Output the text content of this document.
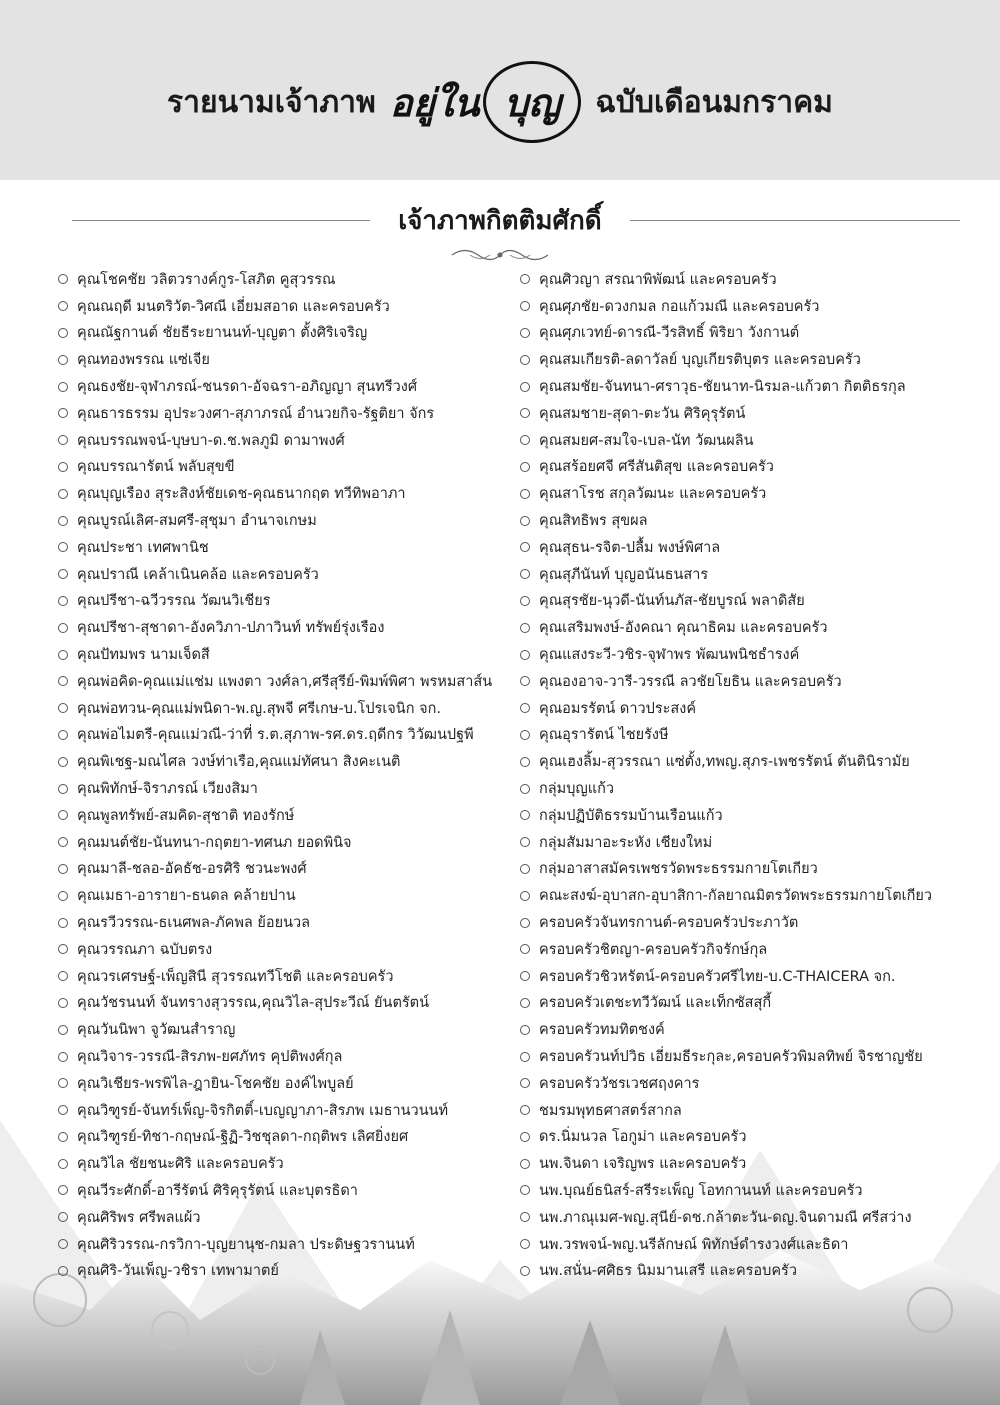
รายนามเจ้าภาพ อยู่ใน บุญ ฉบับเดือนมกราคม
เจ้าภาพกิตติมศักดิ์
คุณโชคชัย วลิตวรางค์กูร-โสภิต คูสุวรรณ
คุณณฤดี มนตริวัต-วิศณี เอี่ยมสอาด และครอบครัว
คุณณัฐกานต์ ชัยธีระยานนท์-บุญตา ตั้งศิริเจริญ
คุณทองพรรณ แซ่เจีย
คุณธงชัย-จุฬาภรณ์-ชนรดา-อัจฉรา-อภิญญา สุนทรีวงศ์
คุณธารธรรม อุประวงศา-สุภาภรณ์ อำนวยกิจ-รัฐติยา จักร
คุณบรรณพจน์-บุษบา-ด.ช.พลภูมิ ดามาพงศ์
คุณบรรณารัตน์ พลับสุขขี
คุณบุญเรือง สุระสิงห์ชัยเดช-คุณธนากฤต ทวีทิพอาภา
คุณบูรณ์เลิศ-สมศรี-สุชุมา อำนาจเกษม
คุณประชา เทศพานิช
คุณปราณี เคล้าเนินคล้อ และครอบครัว
คุณปรีชา-ฉวีวรรณ วัฒนวิเชียร
คุณปรีชา-สุชาดา-อังควิภา-ปภาวินท์ ทรัพย์รุ่งเรือง
คุณปัทมพร นามเจ็ดสี
คุณพ่อคิด-คุณแม่แช่ม แพงตา วงศ์ลา,ศรีสุรีย์-พิมพ์พิศา พรหมสาส์น
คุณพ่อทวน-คุณแม่พนิดา-พ.ญ.สุพจี ศรีเกษ-บ.โปรเจนิก จก.
คุณพ่อไมตรี-คุณแม่วณี-ว่าที่ ร.ต.สุภาพ-รศ.ดร.ฤดีกร วิวัฒนปฐพี
คุณพิเชฐ-มณไศล วงษ์ท่าเรือ,คุณแม่ทัศนา สิงคะเนติ
คุณพิทักษ์-จิราภรณ์ เวียงสิมา
คุณพูลทรัพย์-สมคิด-สุชาติ ทองรักษ์
คุณมนต์ชัย-นันทนา-กฤตยา-ทศนภ ยอดพินิจ
คุณมาลี-ชลอ-อัคธัช-อรศิริ ชวนะพงศ์
คุณเมธา-อารายา-ธนดล คล้ายปาน
คุณรวีวรรณ-ธเนศพล-ภัคพล ย้อยนวล
คุณวรรณภา ฉบับตรง
คุณวรเศรษฐ์-เพ็ญสินี สุวรรณทวีโชติ และครอบครัว
คุณวัชรนนท์ จันทรางสุวรรณ,คุณวิไล-สุประวีณ์ ยันตรัตน์
คุณวันนิพา จูวัฒนสำราญ
คุณวิจาร-วรรณี-สิรภพ-ยศภัทร คุปติพงศ์กุล
คุณวิเชียร-พรพิไล-ฎายิน-โชคชัย องค์ไพบูลย์
คุณวิฑูรย์-จันทร์เพ็ญ-จิรกิตติ์-เบญญาภา-สิรภพ เมธานวนนท์
คุณวิฑูรย์-ทิชา-กฤษณ์-ฐิฏิ-วิชชุลดา-กฤติพร เลิศยิ่งยศ
คุณวิไล ชัยชนะศิริ และครอบครัว
คุณวีระศักดิ์-อารีรัตน์ ศิริคุรุรัตน์ และบุตรธิดา
คุณศิริพร ศรีพลแผ้ว
คุณศิริวรรณ-กรวิกา-บุญยานุช-กมลา ประดิษฐวรานนท์
คุณศิริ-วันเพ็ญ-วชิรา เทพามาตย์
คุณศิวญา สรณาพิพัฒน์ และครอบครัว
คุณศุภชัย-ดวงกมล กอแก้วมณี และครอบครัว
คุณศุภเวทย์-ดารณี-วีรสิทธิ์ พิริยา วังกานต์
คุณสมเกียรติ-ลดาวัลย์ บุญเกียรติบุตร และครอบครัว
คุณสมชัย-จันทนา-ศราวุธ-ชัยนาท-นิรมล-แก้วตา กิตติธรกุล
คุณสมชาย-สุดา-ตะวัน ศิริคุรุรัตน์
คุณสมยศ-สมใจ-เบล-นัท วัฒนผลิน
คุณสร้อยศจี ศรีสันติสุข และครอบครัว
คุณสาโรช สกุลวัฒนะ และครอบครัว
คุณสิทธิพร สุขผล
คุณสุธน-รจิต-ปลื้ม พงษ์พิศาล
คุณสุภีนันท์ บุญอนันธนสาร
คุณสุรชัย-นุวดี-นันท์นภัส-ชัยบูรณ์ พลาดิสัย
คุณเสริมพงษ์-อังคณา คุณาธิคม และครอบครัว
คุณแสงระวี-วชิร-จุฬาพร พัฒนพนิชธำรงค์
คุณองอาจ-วารี-วรรณี ลวชัยโยธิน และครอบครัว
คุณอมรรัตน์ ดาวประสงค์
คุณอุรารัตน์ ไชยรังษี
คุณเฮงลิ้ม-สุวรรณา แซ่ตั้ง,ทพญ.สุภร-เพชรรัตน์ ตันตินิรามัย
กลุ่มบุญแก้ว
กลุ่มปฏิบัติธรรมบ้านเรือนแก้ว
กลุ่มสัมมาอะระหัง เชียงใหม่
กลุ่มอาสาสมัครเพชรวัดพระธรรมกายโตเกียว
คณะสงฆ์-อุบาสก-อุบาสิกา-กัลยาณมิตรวัดพระธรรมกายโตเกียว
ครอบครัวจันทรกานต์-ครอบครัวประภาวัต
ครอบครัวชิตญา-ครอบครัวกิจรักษ์กุล
ครอบครัวชิวหรัตน์-ครอบครัวศรีไทย-บ.C-THAICERA จก.
ครอบครัวเตชะทวีวัฒน์ และเท็กซัสสุกี้
ครอบครัวทมทิตชงค์
ครอบครัวนท์ปวิธ เอี่ยมธีระกุละ,ครอบครัวพิมลทิพย์ จิรชาญชัย
ครอบครัววัชรเวชศฤงคาร
ชมรมพุทธศาสตร์สากล
ดร.นิ่มนวล โอกูม่า และครอบครัว
นพ.จินดา เจริญพร และครอบครัว
นพ.บุณย์ธนิสร์-สรีระเพ็ญ โอทกานนท์ และครอบครัว
นพ.ภาณุเมศ-พญ.สุนีย์-ดช.กล้าตะวัน-ดญ.จินดามณี ศรีสว่าง
นพ.วรพจน์-พญ.นรีลักษณ์ พิทักษ์ดำรงวงศ์และธิดา
นพ.สนั่น-ศศิธร นิมมานเสรี และครอบครัว
